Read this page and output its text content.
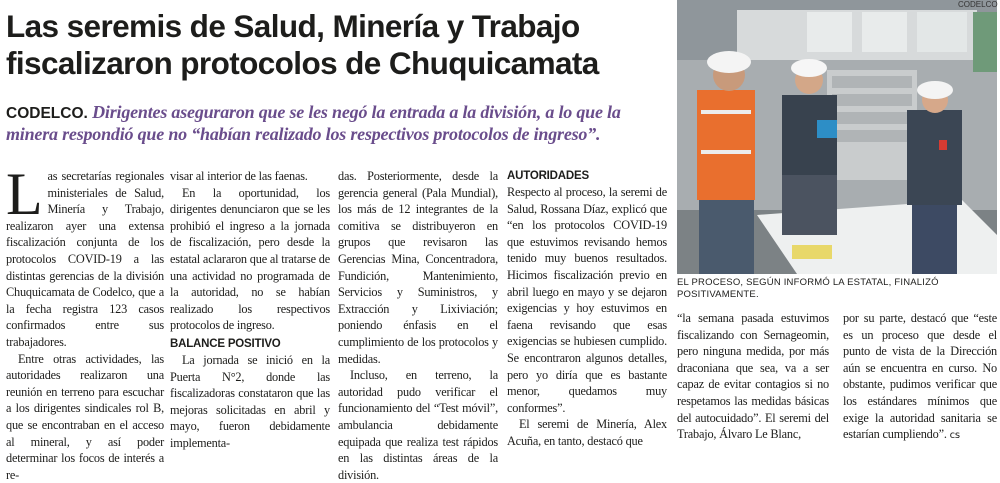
Las seremis de Salud, Minería y Trabajo fiscalizaron protocolos de Chuquicamata
CODELCO. Dirigentes aseguraron que se les negó la entrada a la división, a lo que la minera respondió que no “habían realizado los respectivos protocolos de ingreso”.
L as secretarías regionales ministeriales de Salud, Minería y Trabajo, realizaron ayer una extensa fiscalización conjunta de los protocolos COVID-19 a las distintas gerencias de la división Chuquicamata de Codelco, que a la fecha registra 123 casos confirmados entre sus trabajadores.

Entre otras actividades, las autoridades realizaron una reunión en terreno para escuchar a los dirigentes sindicales rol B, que se encontraban en el acceso al mineral, y así poder determinar los focos de interés a re-

visar al interior de las faenas.

En la oportunidad, los dirigentes denunciaron que se les prohibió el ingreso a la jornada de fiscalización, pero desde la estatal aclararon que al tratarse de una actividad no programada de la autoridad, no se habían realizado los respectivos protocolos de ingreso.

BALANCE POSITIVO

La jornada se inició en la Puerta N°2, donde las fiscalizadoras constataron que las mejoras solicitadas en abril y mayo, fueron debidamente implementa-

das. Posteriormente, desde la gerencia general (Pala Mundial), los más de 12 integrantes de la comitiva se distribuyeron en grupos que revisaron las Gerencias Mina, Concentradora, Fundición, Mantenimiento, Servicios y Suministros, y Extracción y Lixiviación; poniendo énfasis en el cumplimiento de los protocolos y medidas.

Incluso, en terreno, la autoridad pudo verificar el funcionamiento del “Test móvil”, ambulancia debidamente equipada que realiza test rápidos en las distintas áreas de la división.

AUTORIDADES

Respecto al proceso, la seremi de Salud, Rossana Díaz, explicó que “en los protocolos COVID-19 que estuvimos revisando hemos tenido muy buenos resultados. Hicimos fiscalización previo en abril luego en mayo y se dejaron exigencias y hoy estuvimos en faena revisando que esas exigencias se hubiesen cumplido. Se encontraron algunos detalles, pero yo diría que es bastante menor, quedamos muy conformes”.

El seremi de Minería, Alex Acuña, en tanto, destacó que

“la semana pasada estuvimos fiscalizando con Sernageomin, pero ninguna medida, por más draconiana que sea, va a ser capaz de evitar contagios si no respetamos las medidas básicas del autocuidado”. El seremi del Trabajo, Álvaro Le Blanc,

por su parte, destacó que “este es un proceso que desde el punto de vista de la Dirección aún se encuentra en curso. No obstante, pudimos verificar que los estándares mínimos que exige la autoridad sanitaria se estarían cumpliendo”. cs

CODELCO
EL PROCESO, SEGÚN INFORMÓ LA ESTATAL, FINALIZÓ POSITIVAMENTE.
